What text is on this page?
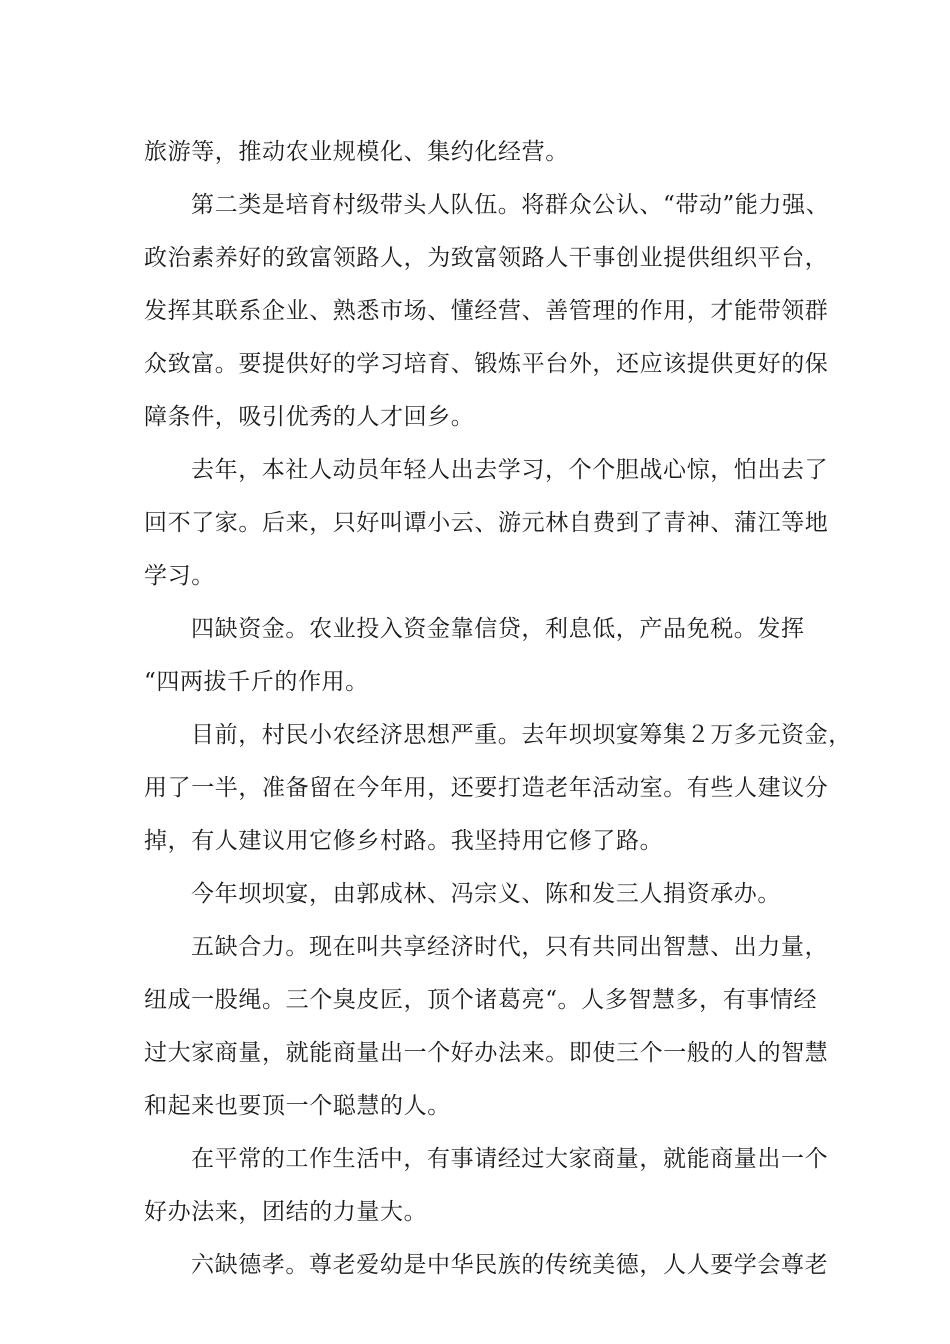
旅游等，推动农业规模化、集约化经营。
第二类是培育村级带头人队伍。将群众公认、“带动”能力强、
政治素养好的致富领路人，为致富领路人干事创业提供组织平台，
发挥其联系企业、熟悉市场、懂经营、善管理的作用，才能带领群
众致富。要提供好的学习培育、锻炼平台外，还应该提供更好的保
障条件，吸引优秀的人才回乡。
去年，本社人动员年轻人出去学习，个个胆战心惊，怕出去了
回不了家。后来，只好叫谭小云、游元林自费到了青神、蒲江等地
学习。
四缺资金。农业投入资金靠信贷，利息低，产品免税。发挥
“四两拔千斤的作用。
目前，村民小农经济思想严重。去年坝坝宴筹集２万多元资金，
用了一半，准备留在今年用，还要打造老年活动室。有些人建议分
掉，有人建议用它修乡村路。我坚持用它修了路。
今年坝坝宴，由郭成林、冯宗义、陈和发三人捐资承办。
五缺合力。现在叫共享经济时代，只有共同出智慧、出力量，
纽成一股绳。三个臭皮匠，顶个诸葛亮“。人多智慧多，有事情经
过大家商量，就能商量出一个好办法来。即使三个一般的人的智慧
和起来也要顶一个聪慧的人。
在平常的工作生活中，有事请经过大家商量，就能商量出一个
好办法来，团结的力量大。
六缺德孝。尊老爱幼是中华民族的传统美德，人人要学会尊老
